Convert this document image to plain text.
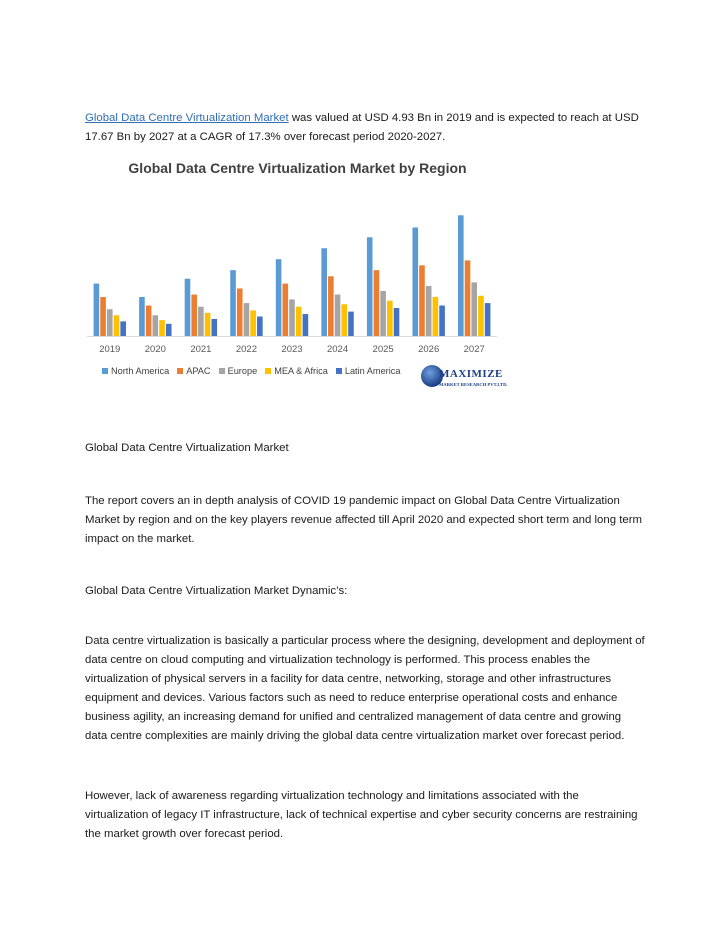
Global Data Centre Virtualization Market was valued at USD 4.93 Bn in 2019 and is expected to reach at USD 17.67 Bn by 2027 at a CAGR of 17.3% over forecast period 2020-2027.

Global Data Centre Virtualization Market by Region

2019	2020	2021	2022	2023	2024	2025	2026	2027
North America APAC Europe MEA & Africa Latin America	MAXIMIZE
MARKET RESEARCH PVT.LTD.

Global Data Centre Virtualization Market

The report covers an in depth analysis of COVID 19 pandemic impact on Global Data Centre Virtualization Market by region and on the key players revenue affected till April 2020 and expected short term and long term impact on the market.

Global Data Centre Virtualization Market Dynamic’s:

Data centre virtualization is basically a particular process where the designing, development and deployment of data centre on cloud computing and virtualization technology is performed. This process enables the virtualization of physical servers in a facility for data centre, networking, storage and other infrastructures equipment and devices. Various factors such as need to reduce enterprise operational costs and enhance business agility, an increasing demand for unified and centralized management of data centre and growing data centre complexities are mainly driving the global data centre virtualization market over forecast period.

However, lack of awareness regarding virtualization technology and limitations associated with the virtualization of legacy IT infrastructure, lack of technical expertise and cyber security concerns are restraining the market growth over forecast period.
